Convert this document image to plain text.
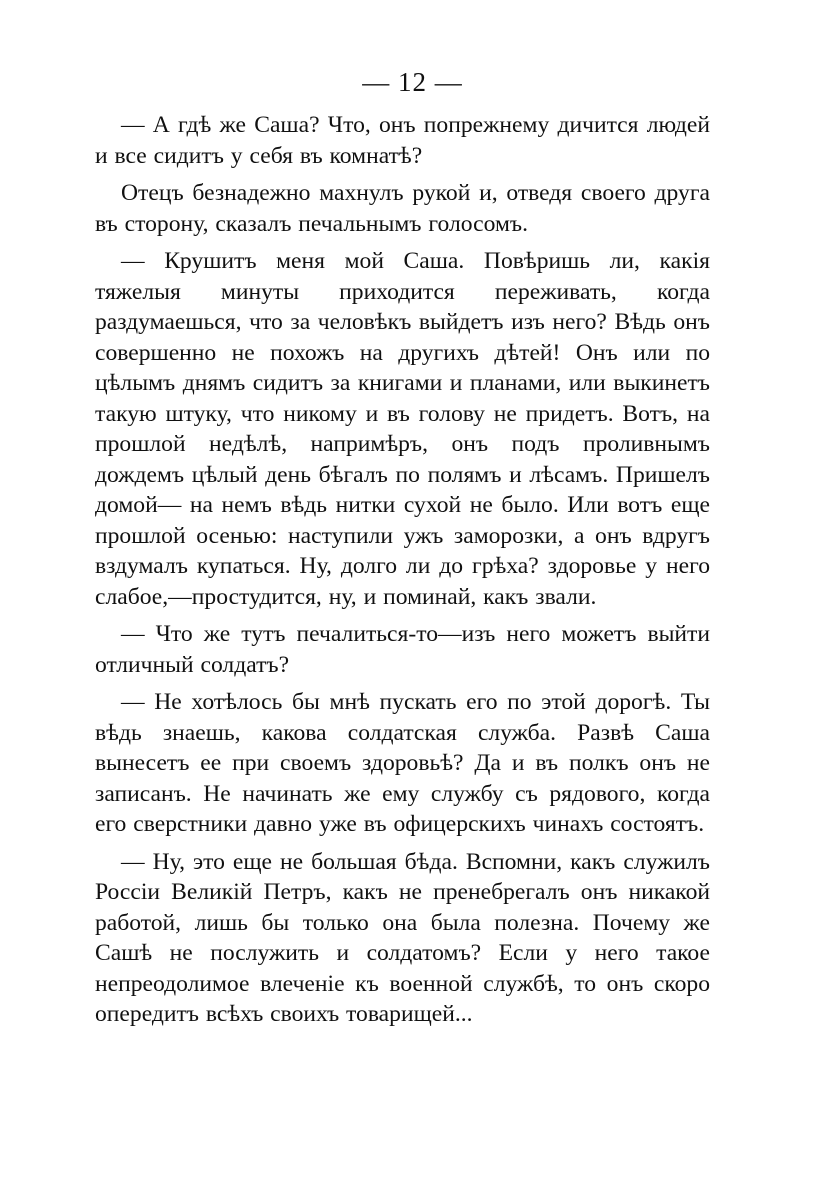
— 12 —

— А гдѣ же Саша? Что, онъ попрежнему дичится людей и все сидитъ у себя въ комнатѣ?

Отецъ безнадежно махнулъ рукой и, отведя своего друга въ сторону, сказалъ печальнымъ голосомъ.

— Крушитъ меня мой Саша. Повѣришь ли, какія тяжелыя минуты приходится переживать, когда раздумаешься, что за человѣкъ выйдетъ изъ него? Вѣдь онъ совершенно не похожъ на другихъ дѣтей! Онъ или по цѣлымъ днямъ сидитъ за книгами и планами, или выкинетъ такую штуку, что никому и въ голову не придетъ. Вотъ, на прошлой недѣлѣ, напримѣръ, онъ подъ проливнымъ дождемъ цѣлый день бѣгалъ по полямъ и лѣсамъ. Пришелъ домой— на немъ вѣдь нитки сухой не было. Или вотъ еще прошлой осенью: наступили ужъ заморозки, а онъ вдругъ вздумалъ купаться. Ну, долго ли до грѣха? здоровье у него слабое,—простудится, ну, и поминай, какъ звали.

— Что же тутъ печалиться-то—изъ него можетъ выйти отличный солдатъ?

— Не хотѣлось бы мнѣ пускать его по этой дорогѣ. Ты вѣдь знаешь, какова солдатская служба. Развѣ Саша вынесетъ ее при своемъ здоровьѣ? Да и въ полкъ онъ не записанъ. Не начинать же ему службу съ рядового, когда его сверстники давно уже въ офицерскихъ чинахъ состоятъ.

— Ну, это еще не большая бѣда. Вспомни, какъ служилъ Россіи Великій Петръ, какъ не пренебрегалъ онъ никакой работой, лишь бы только она была полезна. Почему же Сашѣ не послужить и солдатомъ? Если у него такое непреодолимое влеченіе къ военной службѣ, то онъ скоро опередитъ всѣхъ своихъ товарищей...
